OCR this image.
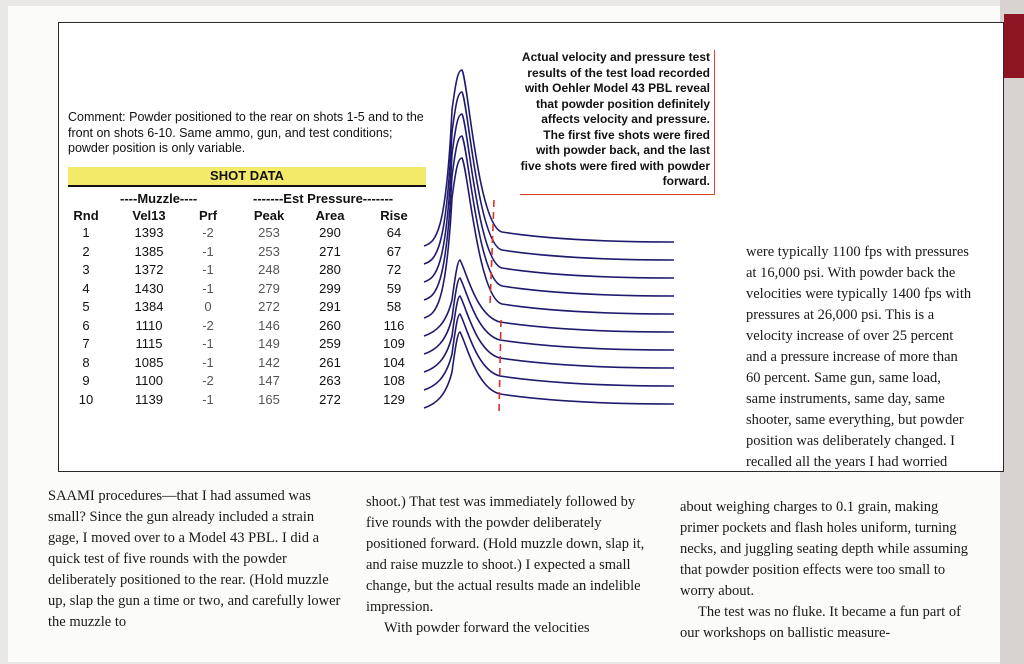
Comment: Powder positioned to the rear on shots 1-5 and to the front on shots 6-10. Same ammo, gun, and test conditions; powder position is only variable.
SHOT DATA
----Muzzle----	-------Est Pressure-------
Rnd	Vel13	Prf	Peak	Area	Rise
1	1393	-2	253	290	64
2	1385	-1	253	271	67
3	1372	-1	248	280	72
4	1430	-1	279	299	59
5	1384	0	272	291	58
6	1110	-2	146	260	116
7	1115	-1	149	259	109
8	1085	-1	142	261	104
9	1100	-2	147	263	108
10	1139	-1	165	272	129
Actual velocity and pressure test results of the test load recorded with Oehler Model 43 PBL reveal that powder position definitely affects velocity and pressure. The first five shots were fired with powder back, and the last five shots were fired with powder forward.
were typically 1100 fps with pressures at 16,000 psi. With powder back the velocities were typically 1400 fps with pressures at 26,000 psi. This is a velocity increase of over 25 percent and a pressure increase of more than 60 percent. Same gun, same load, same instruments, same day, same shooter, same everything, but powder position was deliberately changed. I recalled all the years I had worried
SAAMI procedures—that I had assumed was small? Since the gun already included a strain gage, I moved over to a Model 43 PBL. I did a quick test of five rounds with the powder deliberately positioned to the rear. (Hold muzzle up, slap the gun a time or two, and carefully lower the muzzle to

shoot.) That test was immediately followed by five rounds with the powder deliberately positioned forward. (Hold muzzle down, slap it, and raise muzzle to shoot.) I expected a small change, but the actual results made an indelible impression.

With powder forward the velocities

about weighing charges to 0.1 grain, making primer pockets and flash holes uniform, turning necks, and juggling seating depth while assuming that powder position effects were too small to worry about.

The test was no fluke. It became a fun part of our workshops on ballistic measure-
